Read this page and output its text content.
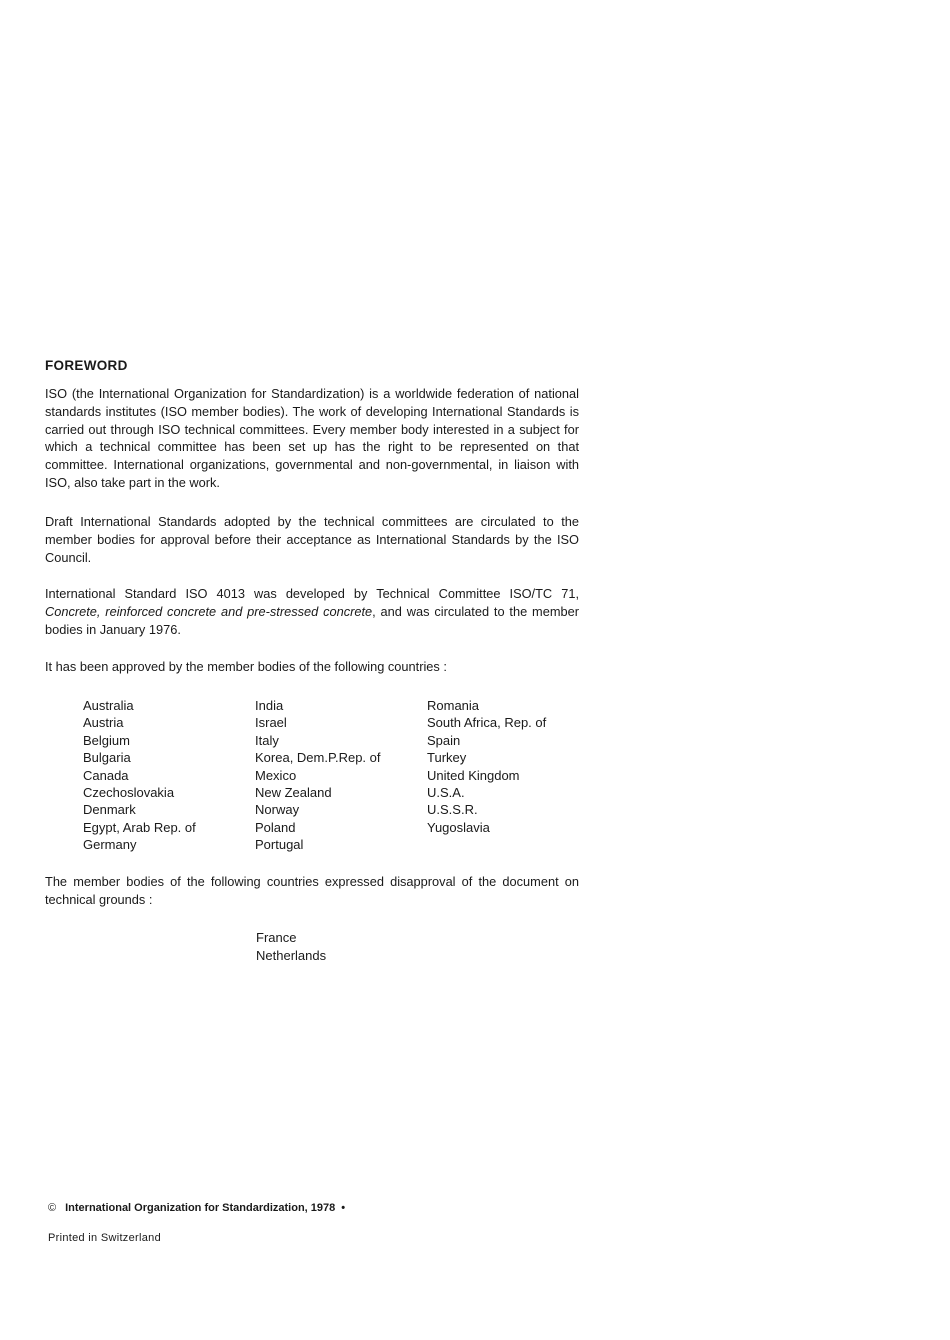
FOREWORD

ISO (the International Organization for Standardization) is a worldwide federation of national standards institutes (ISO member bodies). The work of developing International Standards is carried out through ISO technical committees. Every member body interested in a subject for which a technical committee has been set up has the right to be represented on that committee. International organizations, governmental and non-governmental, in liaison with ISO, also take part in the work.

Draft International Standards adopted by the technical committees are circulated to the member bodies for approval before their acceptance as International Standards by the ISO Council.

International Standard ISO 4013 was developed by Technical Committee ISO/TC 71, Concrete, reinforced concrete and pre-stressed concrete, and was circulated to the member bodies in January 1976.

It has been approved by the member bodies of the following countries :

Australia
Austria
Belgium
Bulgaria
Canada
Czechoslovakia
Denmark
Egypt, Arab Rep. of
Germany
India
Israel
Italy
Korea, Dem.P.Rep. of
Mexico
New Zealand
Norway
Poland
Portugal
Romania
South Africa, Rep. of
Spain
Turkey
United Kingdom
U.S.A.
U.S.S.R.
Yugoslavia

The member bodies of the following countries expressed disapproval of the document on technical grounds :

France
Netherlands
© International Organization for Standardization, 1978 •
Printed in Switzerland
